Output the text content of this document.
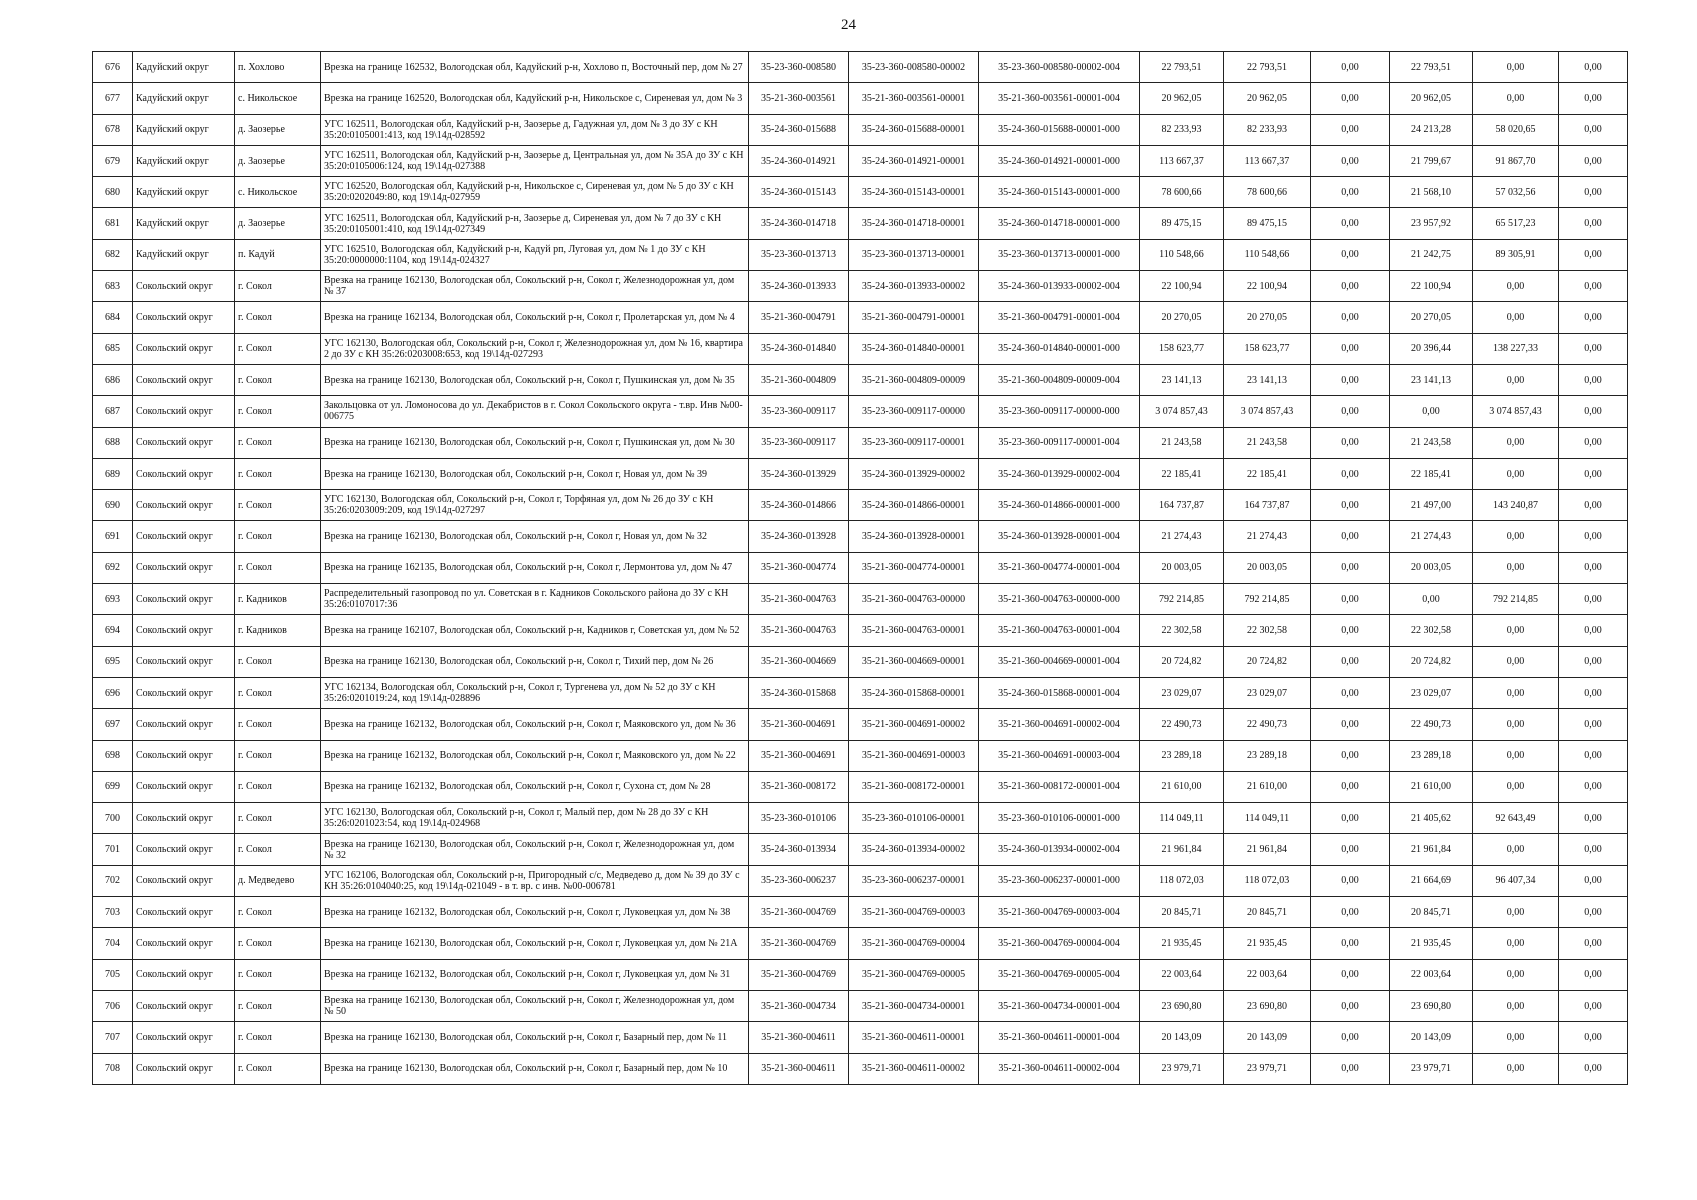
24
676	Кадуйский округ	п. Хохлово	Врезка на границе 162532, Вологодская обл, Кадуйский р-н, Хохлово п, Восточный пер, дом № 27	35-23-360-008580	35-23-360-008580-00002	35-23-360-008580-00002-004	22 793,51	22 793,51	0,00	22 793,51	0,00	0,00
677	Кадуйский округ	с. Никольское	Врезка на границе 162520, Вологодская обл, Кадуйский р-н, Никольское с, Сиреневая ул, дом № 3	35-21-360-003561	35-21-360-003561-00001	35-21-360-003561-00001-004	20 962,05	20 962,05	0,00	20 962,05	0,00	0,00
678	Кадуйский округ	д. Заозерье	УГС 162511, Вологодская обл, Кадуйский р-н, Заозерье д, Гадужная ул, дом № 3 до ЗУ с КН 35:20:0105001:413, код 19\14д-028592	35-24-360-015688	35-24-360-015688-00001	35-24-360-015688-00001-000	82 233,93	82 233,93	0,00	24 213,28	58 020,65	0,00
679	Кадуйский округ	д. Заозерье	УГС 162511, Вологодская обл, Кадуйский р-н, Заозерье д, Центральная ул, дом № 35А до ЗУ с КН 35:20:0105006:124, код 19\14д-027388	35-24-360-014921	35-24-360-014921-00001	35-24-360-014921-00001-000	113 667,37	113 667,37	0,00	21 799,67	91 867,70	0,00
680	Кадуйский округ	с. Никольское	УГС 162520, Вологодская обл, Кадуйский р-н, Никольское с, Сиреневая ул, дом № 5 до ЗУ с КН 35:20:0202049:80, код 19\14д-027959	35-24-360-015143	35-24-360-015143-00001	35-24-360-015143-00001-000	78 600,66	78 600,66	0,00	21 568,10	57 032,56	0,00
681	Кадуйский округ	д. Заозерье	УГС 162511, Вологодская обл, Кадуйский р-н, Заозерье д, Сиреневая ул, дом № 7 до ЗУ с КН 35:20:0105001:410, код 19\14д-027349	35-24-360-014718	35-24-360-014718-00001	35-24-360-014718-00001-000	89 475,15	89 475,15	0,00	23 957,92	65 517,23	0,00
682	Кадуйский округ	п. Кадуй	УГС 162510, Вологодская обл, Кадуйский р-н, Кадуй рп, Луговая ул, дом № 1 до ЗУ с КН 35:20:0000000:1104, код 19\14д-024327	35-23-360-013713	35-23-360-013713-00001	35-23-360-013713-00001-000	110 548,66	110 548,66	0,00	21 242,75	89 305,91	0,00
683	Сокольский округ	г. Сокол	Врезка на границе 162130, Вологодская обл, Сокольский р-н, Сокол г, Железнодорожная ул, дом № 37	35-24-360-013933	35-24-360-013933-00002	35-24-360-013933-00002-004	22 100,94	22 100,94	0,00	22 100,94	0,00	0,00
684	Сокольский округ	г. Сокол	Врезка на границе 162134, Вологодская обл, Сокольский р-н, Сокол г, Пролетарская ул, дом № 4	35-21-360-004791	35-21-360-004791-00001	35-21-360-004791-00001-004	20 270,05	20 270,05	0,00	20 270,05	0,00	0,00
685	Сокольский округ	г. Сокол	УГС 162130, Вологодская обл, Сокольский р-н, Сокол г, Железнодорожная ул, дом № 16, квартира 2 до ЗУ с КН 35:26:0203008:653, код 19\14д-027293	35-24-360-014840	35-24-360-014840-00001	35-24-360-014840-00001-000	158 623,77	158 623,77	0,00	20 396,44	138 227,33	0,00
686	Сокольский округ	г. Сокол	Врезка на границе 162130, Вологодская обл, Сокольский р-н, Сокол г, Пушкинская ул, дом № 35	35-21-360-004809	35-21-360-004809-00009	35-21-360-004809-00009-004	23 141,13	23 141,13	0,00	23 141,13	0,00	0,00
687	Сокольский округ	г. Сокол	Закольцовка от ул. Ломоносова до ул. Декабристов в г. Сокол Сокольского округа - т.вр. Инв №00-006775	35-23-360-009117	35-23-360-009117-00000	35-23-360-009117-00000-000	3 074 857,43	3 074 857,43	0,00	0,00	3 074 857,43	0,00
688	Сокольский округ	г. Сокол	Врезка на границе 162130, Вологодская обл, Сокольский р-н, Сокол г, Пушкинская ул, дом № 30	35-23-360-009117	35-23-360-009117-00001	35-23-360-009117-00001-004	21 243,58	21 243,58	0,00	21 243,58	0,00	0,00
689	Сокольский округ	г. Сокол	Врезка на границе 162130, Вологодская обл, Сокольский р-н, Сокол г, Новая ул, дом № 39	35-24-360-013929	35-24-360-013929-00002	35-24-360-013929-00002-004	22 185,41	22 185,41	0,00	22 185,41	0,00	0,00
690	Сокольский округ	г. Сокол	УГС 162130, Вологодская обл, Сокольский р-н, Сокол г, Торфяная ул, дом № 26 до ЗУ с КН 35:26:0203009:209, код 19\14д-027297	35-24-360-014866	35-24-360-014866-00001	35-24-360-014866-00001-000	164 737,87	164 737,87	0,00	21 497,00	143 240,87	0,00
691	Сокольский округ	г. Сокол	Врезка на границе 162130, Вологодская обл, Сокольский р-н, Сокол г, Новая ул, дом № 32	35-24-360-013928	35-24-360-013928-00001	35-24-360-013928-00001-004	21 274,43	21 274,43	0,00	21 274,43	0,00	0,00
692	Сокольский округ	г. Сокол	Врезка на границе 162135, Вологодская обл, Сокольский р-н, Сокол г, Лермонтова ул, дом № 47	35-21-360-004774	35-21-360-004774-00001	35-21-360-004774-00001-004	20 003,05	20 003,05	0,00	20 003,05	0,00	0,00
693	Сокольский округ	г. Кадников	Распределительный газопровод по ул. Советская в г. Кадников Сокольского района до ЗУ с КН 35:26:0107017:36	35-21-360-004763	35-21-360-004763-00000	35-21-360-004763-00000-000	792 214,85	792 214,85	0,00	0,00	792 214,85	0,00
694	Сокольский округ	г. Кадников	Врезка на границе 162107, Вологодская обл, Сокольский р-н, Кадников г, Советская ул, дом № 52	35-21-360-004763	35-21-360-004763-00001	35-21-360-004763-00001-004	22 302,58	22 302,58	0,00	22 302,58	0,00	0,00
695	Сокольский округ	г. Сокол	Врезка на границе 162130, Вологодская обл, Сокольский р-н, Сокол г, Тихий пер, дом № 26	35-21-360-004669	35-21-360-004669-00001	35-21-360-004669-00001-004	20 724,82	20 724,82	0,00	20 724,82	0,00	0,00
696	Сокольский округ	г. Сокол	УГС 162134, Вологодская обл, Сокольский р-н, Сокол г, Тургенева ул, дом № 52 до ЗУ с КН 35:26:0201019:24, код 19\14д-028896	35-24-360-015868	35-24-360-015868-00001	35-24-360-015868-00001-004	23 029,07	23 029,07	0,00	23 029,07	0,00	0,00
697	Сокольский округ	г. Сокол	Врезка на границе 162132, Вологодская обл, Сокольский р-н, Сокол г, Маяковского ул, дом № 36	35-21-360-004691	35-21-360-004691-00002	35-21-360-004691-00002-004	22 490,73	22 490,73	0,00	22 490,73	0,00	0,00
698	Сокольский округ	г. Сокол	Врезка на границе 162132, Вологодская обл, Сокольский р-н, Сокол г, Маяковского ул, дом № 22	35-21-360-004691	35-21-360-004691-00003	35-21-360-004691-00003-004	23 289,18	23 289,18	0,00	23 289,18	0,00	0,00
699	Сокольский округ	г. Сокол	Врезка на границе 162132, Вологодская обл, Сокольский р-н, Сокол г, Сухона ст, дом № 28	35-21-360-008172	35-21-360-008172-00001	35-21-360-008172-00001-004	21 610,00	21 610,00	0,00	21 610,00	0,00	0,00
700	Сокольский округ	г. Сокол	УГС 162130, Вологодская обл, Сокольский р-н, Сокол г, Малый пер, дом № 28 до ЗУ с КН 35:26:0201023:54, код 19\14д-024968	35-23-360-010106	35-23-360-010106-00001	35-23-360-010106-00001-000	114 049,11	114 049,11	0,00	21 405,62	92 643,49	0,00
701	Сокольский округ	г. Сокол	Врезка на границе 162130, Вологодская обл, Сокольский р-н, Сокол г, Железнодорожная ул, дом № 32	35-24-360-013934	35-24-360-013934-00002	35-24-360-013934-00002-004	21 961,84	21 961,84	0,00	21 961,84	0,00	0,00
702	Сокольский округ	д. Медведево	УГС 162106, Вологодская обл, Сокольский р-н, Пригородный с/с, Медведево д, дом № 39 до ЗУ с КН 35:26:0104040:25, код 19\14д-021049 - в т. вр. с инв. №00-006781	35-23-360-006237	35-23-360-006237-00001	35-23-360-006237-00001-000	118 072,03	118 072,03	0,00	21 664,69	96 407,34	0,00
703	Сокольский округ	г. Сокол	Врезка на границе 162132, Вологодская обл, Сокольский р-н, Сокол г, Луковецкая ул, дом № 38	35-21-360-004769	35-21-360-004769-00003	35-21-360-004769-00003-004	20 845,71	20 845,71	0,00	20 845,71	0,00	0,00
704	Сокольский округ	г. Сокол	Врезка на границе 162130, Вологодская обл, Сокольский р-н, Сокол г, Луковецкая ул, дом № 21А	35-21-360-004769	35-21-360-004769-00004	35-21-360-004769-00004-004	21 935,45	21 935,45	0,00	21 935,45	0,00	0,00
705	Сокольский округ	г. Сокол	Врезка на границе 162132, Вологодская обл, Сокольский р-н, Сокол г, Луковецкая ул, дом № 31	35-21-360-004769	35-21-360-004769-00005	35-21-360-004769-00005-004	22 003,64	22 003,64	0,00	22 003,64	0,00	0,00
706	Сокольский округ	г. Сокол	Врезка на границе 162130, Вологодская обл, Сокольский р-н, Сокол г, Железнодорожная ул, дом № 50	35-21-360-004734	35-21-360-004734-00001	35-21-360-004734-00001-004	23 690,80	23 690,80	0,00	23 690,80	0,00	0,00
707	Сокольский округ	г. Сокол	Врезка на границе 162130, Вологодская обл, Сокольский р-н, Сокол г, Базарный пер, дом № 11	35-21-360-004611	35-21-360-004611-00001	35-21-360-004611-00001-004	20 143,09	20 143,09	0,00	20 143,09	0,00	0,00
708	Сокольский округ	г. Сокол	Врезка на границе 162130, Вологодская обл, Сокольский р-н, Сокол г, Базарный пер, дом № 10	35-21-360-004611	35-21-360-004611-00002	35-21-360-004611-00002-004	23 979,71	23 979,71	0,00	23 979,71	0,00	0,00
